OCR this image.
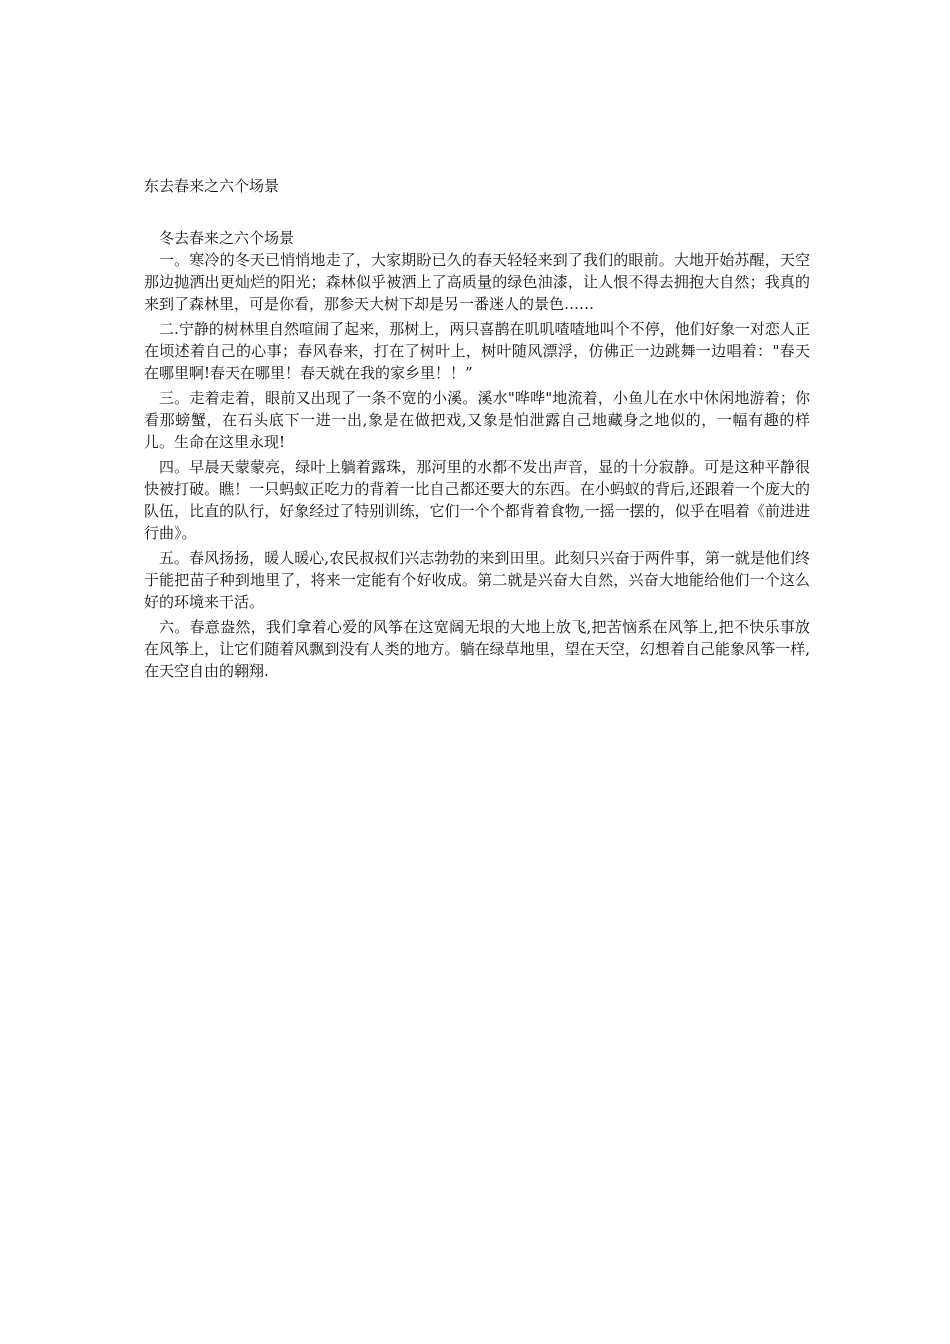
东去春来之六个场景
冬去春来之六个场景

一。寒冷的冬天已悄悄地走了，大家期盼已久的春天轻轻来到了我们的眼前。大地开始苏醒，天空那边抛洒出更灿烂的阳光；森林似乎被洒上了高质量的绿色油漆，让人恨不得去拥抱大自然；我真的来到了森林里，可是你看，那参天大树下却是另一番迷人的景色……

二.宁静的树林里自然喧闹了起来，那树上，两只喜鹊在叽叽喳喳地叫个不停，他们好象一对恋人正在顷述着自己的心事；春风春来，打在了树叶上，树叶随风漂浮，仿佛正一边跳舞一边唱着："春天在哪里啊!春天在哪里！春天就在我的家乡里！！”

三。走着走着，眼前又出现了一条不宽的小溪。溪水"哗哗"地流着，小鱼儿在水中休闲地游着；你看那螃蟹，在石头底下一进一出,象是在做把戏,又象是怕泄露自己地藏身之地似的，一幅有趣的样儿。生命在这里永现!

四。早晨天蒙蒙亮，绿叶上躺着露珠，那河里的水都不发出声音，显的十分寂静。可是这种平静很快被打破。瞧！一只蚂蚁正吃力的背着一比自己都还要大的东西。在小蚂蚁的背后,还跟着一个庞大的队伍，比直的队行，好象经过了特别训练，它们一个个都背着食物,一摇一摆的，似乎在唱着《前进进行曲》。

五。春风扬扬，暖人暖心,农民叔叔们兴志勃勃的来到田里。此刻只兴奋于两件事，第一就是他们终于能把苗子种到地里了，将来一定能有个好收成。第二就是兴奋大自然，兴奋大地能给他们一个这么好的环境来干活。

六。春意盎然，我们拿着心爱的风筝在这宽阔无垠的大地上放飞,把苦恼系在风筝上,把不快乐事放在风筝上，让它们随着风飘到没有人类的地方。躺在绿草地里，望在天空，幻想着自己能象风筝一样,在天空自由的翱翔.
